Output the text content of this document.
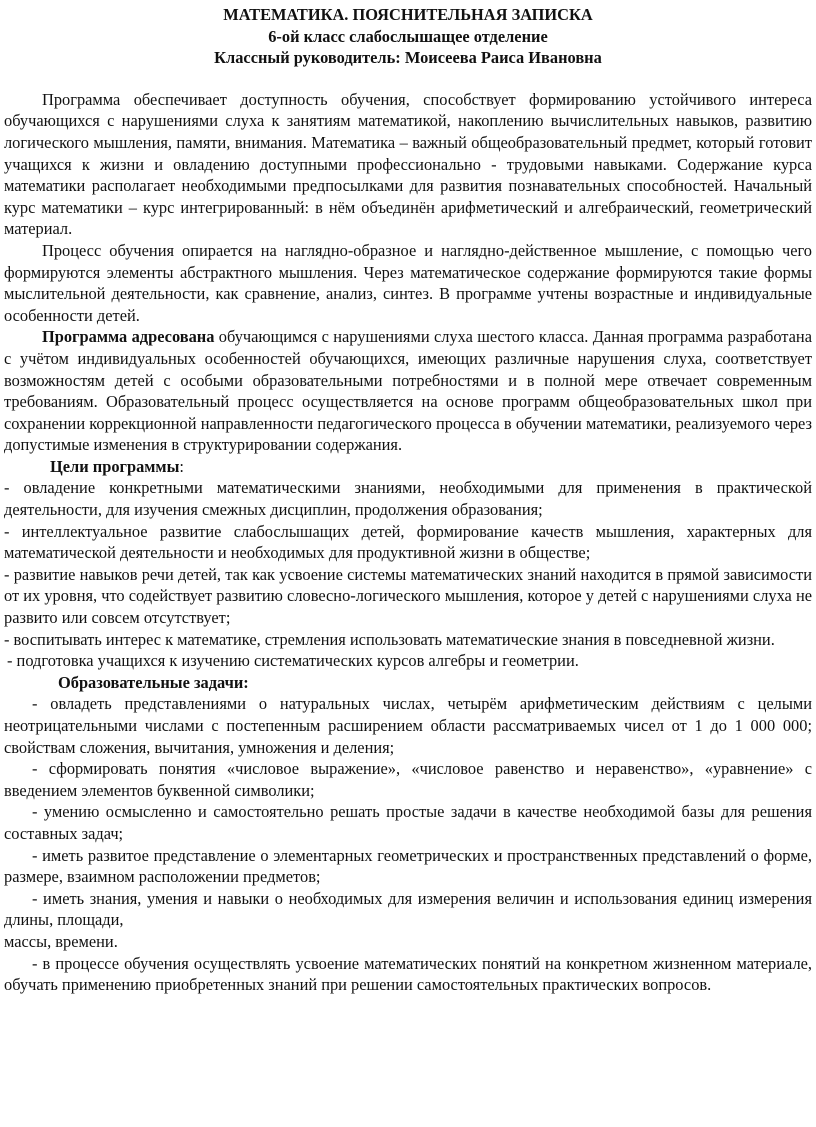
МАТЕМАТИКА. ПОЯСНИТЕЛЬНАЯ ЗАПИСКА

6-ой класс слабослышащее отделение

Классный руководитель: Моисеева Раиса Ивановна

Программа обеспечивает доступность обучения, способствует формированию устойчивого интереса обучающихся с нарушениями слуха к занятиям математикой, накоплению вычислительных навыков, развитию логического мышления, памяти, внимания. Математика – важный общеобразовательный предмет, который готовит учащихся к жизни и овладению доступными профессионально - трудовыми навыками. Содержание курса математики располагает необходимыми предпосылками для развития познавательных способностей. Начальный курс математики – курс интегрированный: в нём объединён арифметический и алгебраический, геометрический материал.

Процесс обучения опирается на наглядно-образное и наглядно-действенное мышление, с помощью чего формируются элементы абстрактного мышления. Через математическое содержание формируются такие формы мыслительной деятельности, как сравнение, анализ, синтез. В программе учтены возрастные и индивидуальные особенности детей.

Программа адресована обучающимся с нарушениями слуха шестого класса. Данная программа разработана с учётом индивидуальных особенностей обучающихся, имеющих различные нарушения слуха, соответствует возможностям детей с особыми образовательными потребностями и в полной мере отвечает современным требованиям. Образовательный процесс осуществляется на основе программ общеобразовательных школ при сохранении коррекционной направленности педагогического процесса в обучении математики, реализуемого через допустимые изменения в структурировании содержания.

Цели программы:

- овладение конкретными математическими знаниями, необходимыми для применения в практической деятельности, для изучения смежных дисциплин, продолжения образования;

- интеллектуальное развитие слабослышащих детей, формирование качеств мышления, характерных для математической деятельности и необходимых для продуктивной жизни в обществе;

- развитие навыков речи детей, так как усвоение системы математических знаний находится в прямой зависимости от их уровня, что содействует развитию словесно-логического мышления, которое у детей с нарушениями слуха не развито или совсем отсутствует;

- воспитывать интерес к математике, стремления использовать математические знания в повседневной жизни.

- подготовка учащихся к изучению систематических курсов алгебры и геометрии.

Образовательные задачи:

- овладеть представлениями о натуральных числах, четырём арифметическим действиям с целыми неотрицательными числами с постепенным расширением области рассматриваемых чисел от 1 до 1 000 000; свойствам сложения, вычитания, умножения и деления;

- сформировать понятия «числовое выражение», «числовое равенство и неравенство», «уравнение» с введением элементов буквенной символики;

- умению осмысленно и самостоятельно решать простые задачи в качестве необходимой базы для решения составных задач;

- иметь развитое представление о элементарных геометрических и пространственных представлений о форме, размере, взаимном расположении предметов;

- иметь знания, умения и навыки о необходимых для измерения величин и использования единиц измерения длины, площади,

массы, времени.

- в процессе обучения осуществлять усвоение математических понятий на конкретном жизненном материале, обучать применению приобретенных знаний при решении самостоятельных практических вопросов.
